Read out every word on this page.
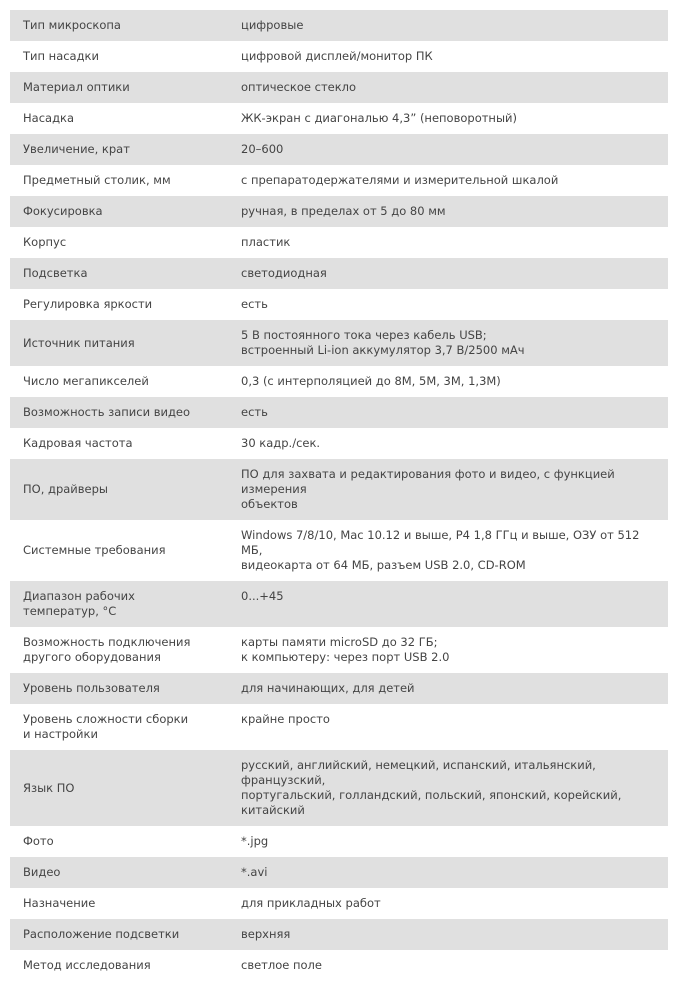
Тип микроскопа	цифровые

Тип насадки	цифровой дисплей/монитор ПК

Материал оптики	оптическое стекло

Насадка	ЖК-экран с диагональю 4,3” (неповоротный)

Увеличение, крат	20–600

Предметный столик, мм	с препаратодержателями и измерительной шкалой

Фокусировка	ручная, в пределах от 5 до 80 мм

Корпус	пластик

Подсветка	светодиодная

Регулировка яркости	есть

Источник питания	5 В постоянного тока через кабель USB;
встроенный Li-ion аккумулятор 3,7 В/2500 мАч

Число мегапикселей	0,3 (с интерполяцией до 8М, 5М, 3М, 1,3М)

Возможность записи видео	есть

Кадровая частота	30 кадр./сек.

ПО, драйверы	ПО для захвата и редактирования фото и видео, с функцией измерения
объектов

Системные требования	Windows 7/8/10, Mac 10.12 и выше, P4 1,8 ГГц и выше, ОЗУ от 512 МБ,
видеокарта от 64 МБ, разъем USB 2.0, CD-ROM

Диапазон рабочих
температур, °C	0...+45

Возможность подключения
другого оборудования	карты памяти microSD до 32 ГБ;
к компьютеру: через порт USB 2.0

Уровень пользователя	для начинающих, для детей

Уровень сложности сборки
и настройки	крайне просто

Язык ПО	русский, английский, немецкий, испанский, итальянский, французский,
португальский, голландский, польский, японский, корейский, китайский

Фото	*.jpg

Видео	*.avi

Назначение	для прикладных работ

Расположение подсветки	верхняя

Метод исследования	светлое поле
